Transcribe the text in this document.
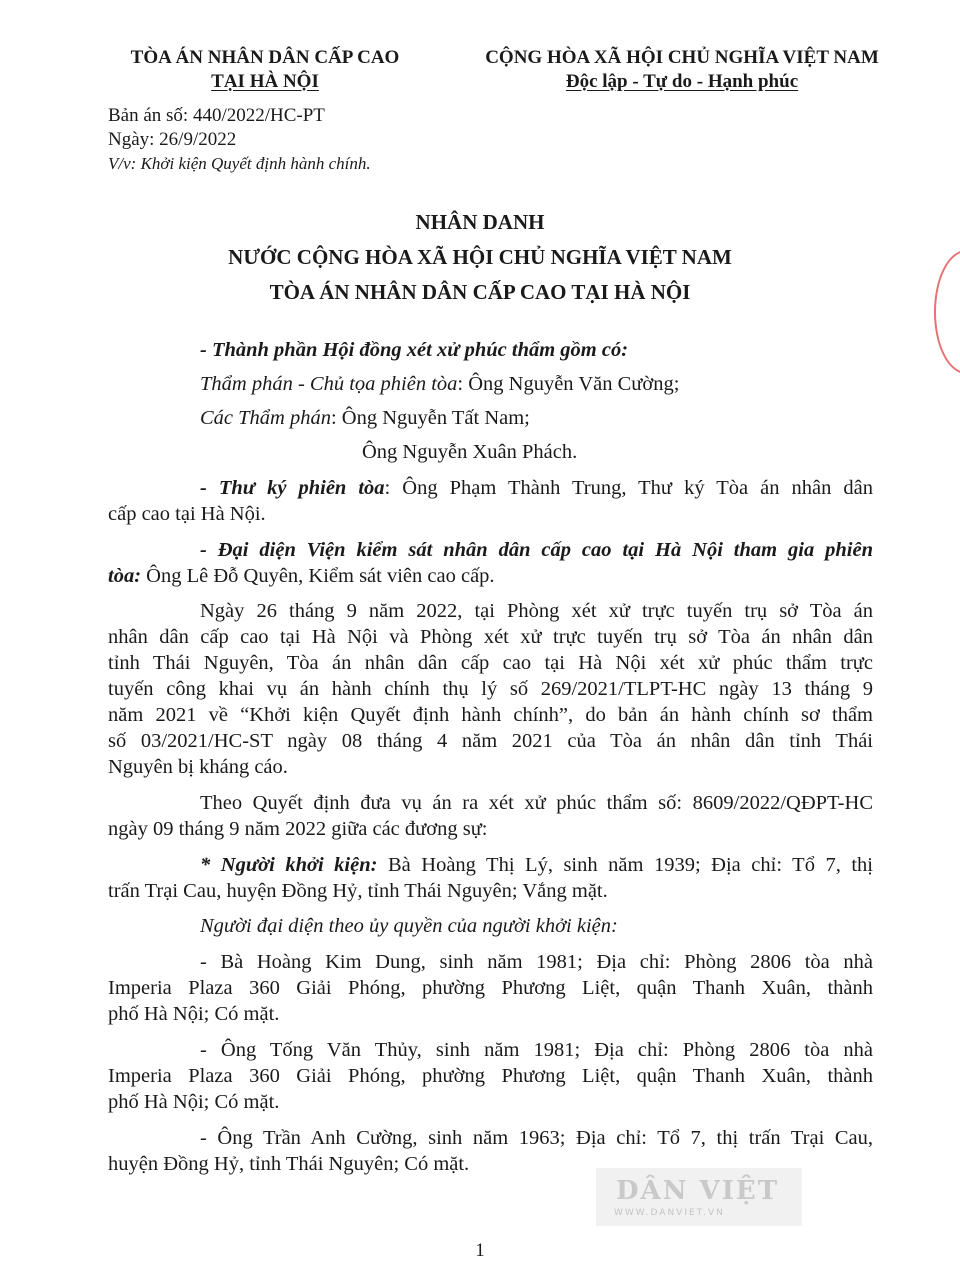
TÒA ÁN NHÂN DÂN CẤP CAO
TẠI HÀ NỘI
CỘNG HÒA XÃ HỘI CHỦ NGHĨA VIỆT NAM
Độc lập - Tự do - Hạnh phúc
Bản án số: 440/2022/HC-PT
Ngày: 26/9/2022
V/v: Khởi kiện Quyết định hành chính.
NHÂN DANH
NƯỚC CỘNG HÒA XÃ HỘI CHỦ NGHĨA VIỆT NAM
TÒA ÁN NHÂN DÂN CẤP CAO TẠI HÀ NỘI
- Thành phần Hội đồng xét xử phúc thẩm gồm có:
Thẩm phán - Chủ tọa phiên tòa: Ông Nguyễn Văn Cường;
Các Thẩm phán: Ông Nguyễn Tất Nam;
Ông Nguyễn Xuân Phách.
- Thư ký phiên tòa: Ông Phạm Thành Trung, Thư ký Tòa án nhân dân
cấp cao tại Hà Nội.
- Đại diện Viện kiểm sát nhân dân cấp cao tại Hà Nội tham gia phiên
tòa: Ông Lê Đỗ Quyên, Kiểm sát viên cao cấp.
Ngày 26 tháng 9 năm 2022, tại Phòng xét xử trực tuyến trụ sở Tòa án
nhân dân cấp cao tại Hà Nội và Phòng xét xử trực tuyến trụ sở Tòa án nhân dân
tỉnh Thái Nguyên, Tòa án nhân dân cấp cao tại Hà Nội xét xử phúc thẩm trực
tuyến công khai vụ án hành chính thụ lý số 269/2021/TLPT-HC ngày 13 tháng 9
năm 2021 về “Khởi kiện Quyết định hành chính”, do bản án hành chính sơ thẩm
số 03/2021/HC-ST ngày 08 tháng 4 năm 2021 của Tòa án nhân dân tỉnh Thái
Nguyên bị kháng cáo.
Theo Quyết định đưa vụ án ra xét xử phúc thẩm số: 8609/2022/QĐPT-HC
ngày 09 tháng 9 năm 2022 giữa các đương sự:
* Người khởi kiện: Bà Hoàng Thị Lý, sinh năm 1939; Địa chỉ: Tổ 7, thị
trấn Trại Cau, huyện Đồng Hỷ, tỉnh Thái Nguyên; Vắng mặt.
Người đại diện theo ủy quyền của người khởi kiện:
- Bà Hoàng Kim Dung, sinh năm 1981; Địa chỉ: Phòng 2806 tòa nhà
Imperia Plaza 360 Giải Phóng, phường Phương Liệt, quận Thanh Xuân, thành
phố Hà Nội; Có mặt.
- Ông Tống Văn Thủy, sinh năm 1981; Địa chỉ: Phòng 2806 tòa nhà
Imperia Plaza 360 Giải Phóng, phường Phương Liệt, quận Thanh Xuân, thành
phố Hà Nội; Có mặt.
- Ông Trần Anh Cường, sinh năm 1963; Địa chỉ: Tổ 7, thị trấn Trại Cau,
huyện Đồng Hỷ, tỉnh Thái Nguyên; Có mặt.
DÂN VIỆT
WWW.DANVIET.VN
1
